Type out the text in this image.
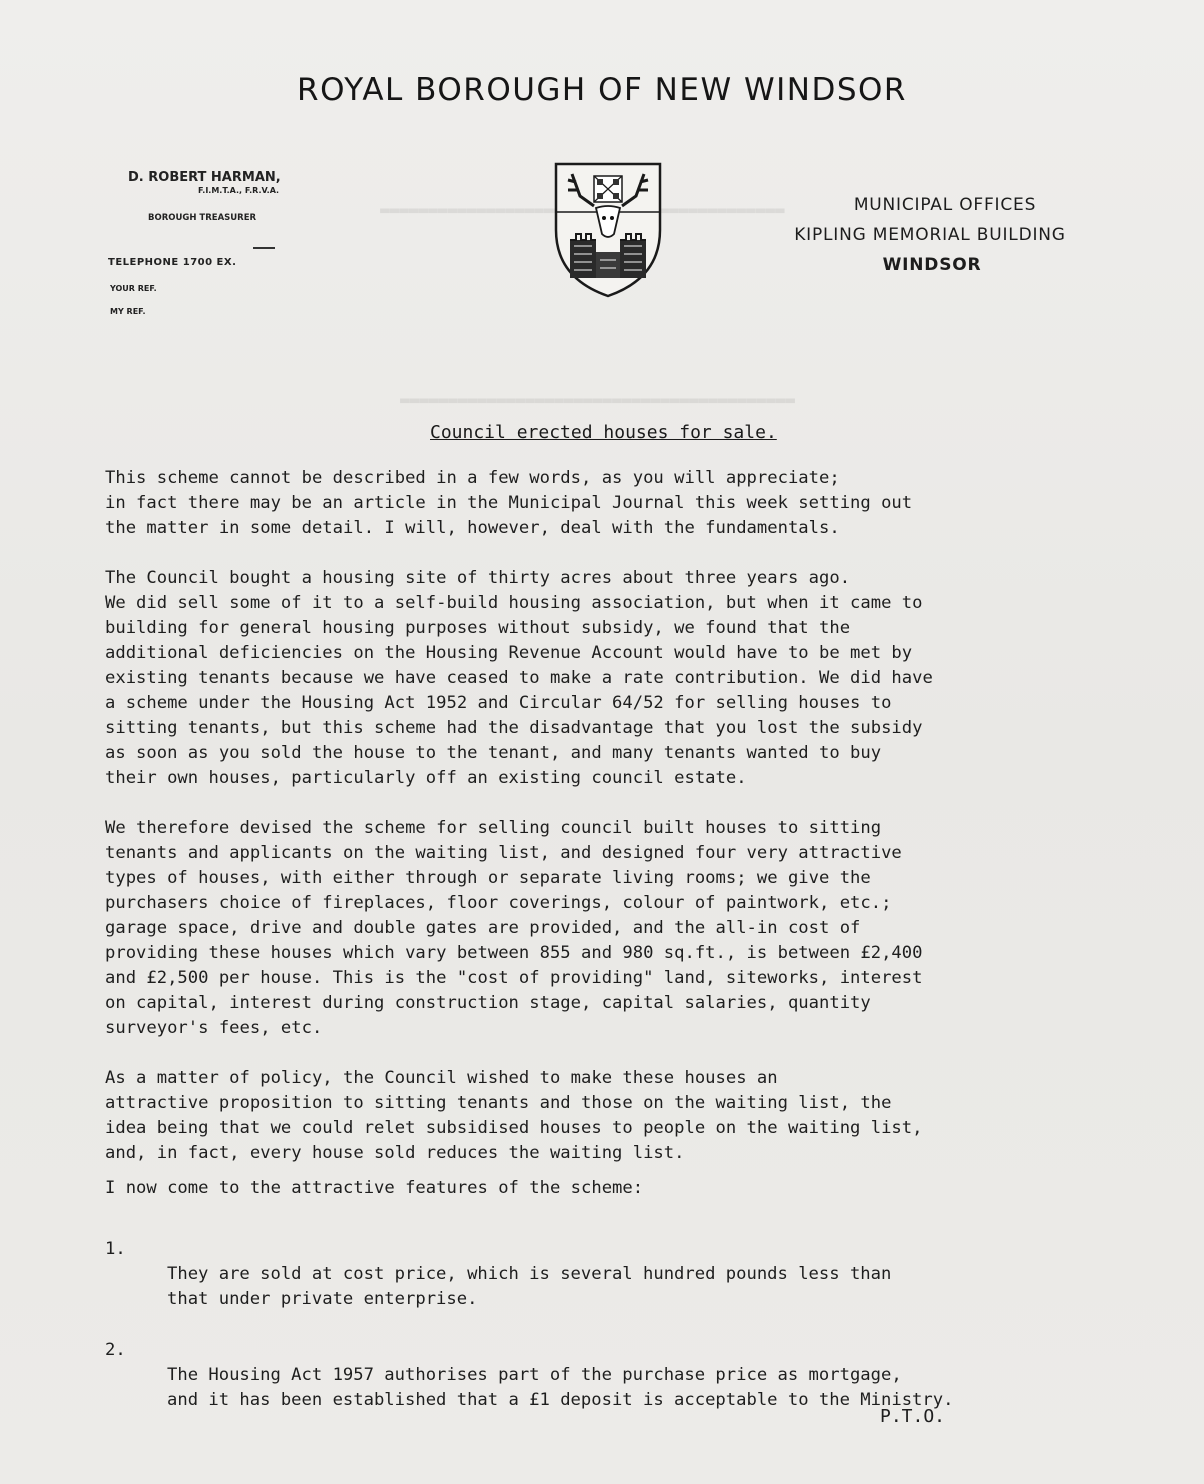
▬▬▬▬▬▬▬▬▬▬▬▬▬▬▬▬▬▬▬▬▬▬▬▬▬▬▬▬▬▬▬▬▬▬▬▬▬▬▬▬▬
ROYAL BOROUGH OF NEW WINDSOR
D. ROBERT HARMAN,
F.I.M.T.A., F.R.V.A.
BOROUGH TREASURER
TELEPHONE 1700 EX.
YOUR REF.
MY REF.
MUNICIPAL OFFICES
KIPLING MEMORIAL BUILDING
WINDSOR
Council erected houses for sale.

This scheme cannot be described in a few words, as you will appreciate;
in fact there may be an article in the Municipal Journal this week setting out
the matter in some detail. I will, however, deal with the fundamentals.

The Council bought a housing site of thirty acres about three years ago.
We did sell some of it to a self-build housing association, but when it came to
building for general housing purposes without subsidy, we found that the
additional deficiencies on the Housing Revenue Account would have to be met by
existing tenants because we have ceased to make a rate contribution. We did have
a scheme under the Housing Act 1952 and Circular 64/52 for selling houses to
sitting tenants, but this scheme had the disadvantage that you lost the subsidy
as soon as you sold the house to the tenant, and many tenants wanted to buy
their own houses, particularly off an existing council estate.

We therefore devised the scheme for selling council built houses to sitting
tenants and applicants on the waiting list, and designed four very attractive
types of houses, with either through or separate living rooms; we give the
purchasers choice of fireplaces, floor coverings, colour of paintwork, etc.;
garage space, drive and double gates are provided, and the all-in cost of
providing these houses which vary between 855 and 980 sq.ft., is between £2,400
and £2,500 per house. This is the "cost of providing" land, siteworks, interest
on capital, interest during construction stage, capital salaries, quantity
surveyor's fees, etc.

As a matter of policy, the Council wished to make these houses an
attractive proposition to sitting tenants and those on the waiting list, the
idea being that we could relet subsidised houses to people on the waiting list,
and, in fact, every house sold reduces the waiting list.

I now come to the attractive features of the scheme:

1.
They are sold at cost price, which is several hundred pounds less than
that under private enterprise.

2.
The Housing Act 1957 authorises part of the purchase price as mortgage,
and it has been established that a £1 deposit is acceptable to the Ministry.

P.T.O.
